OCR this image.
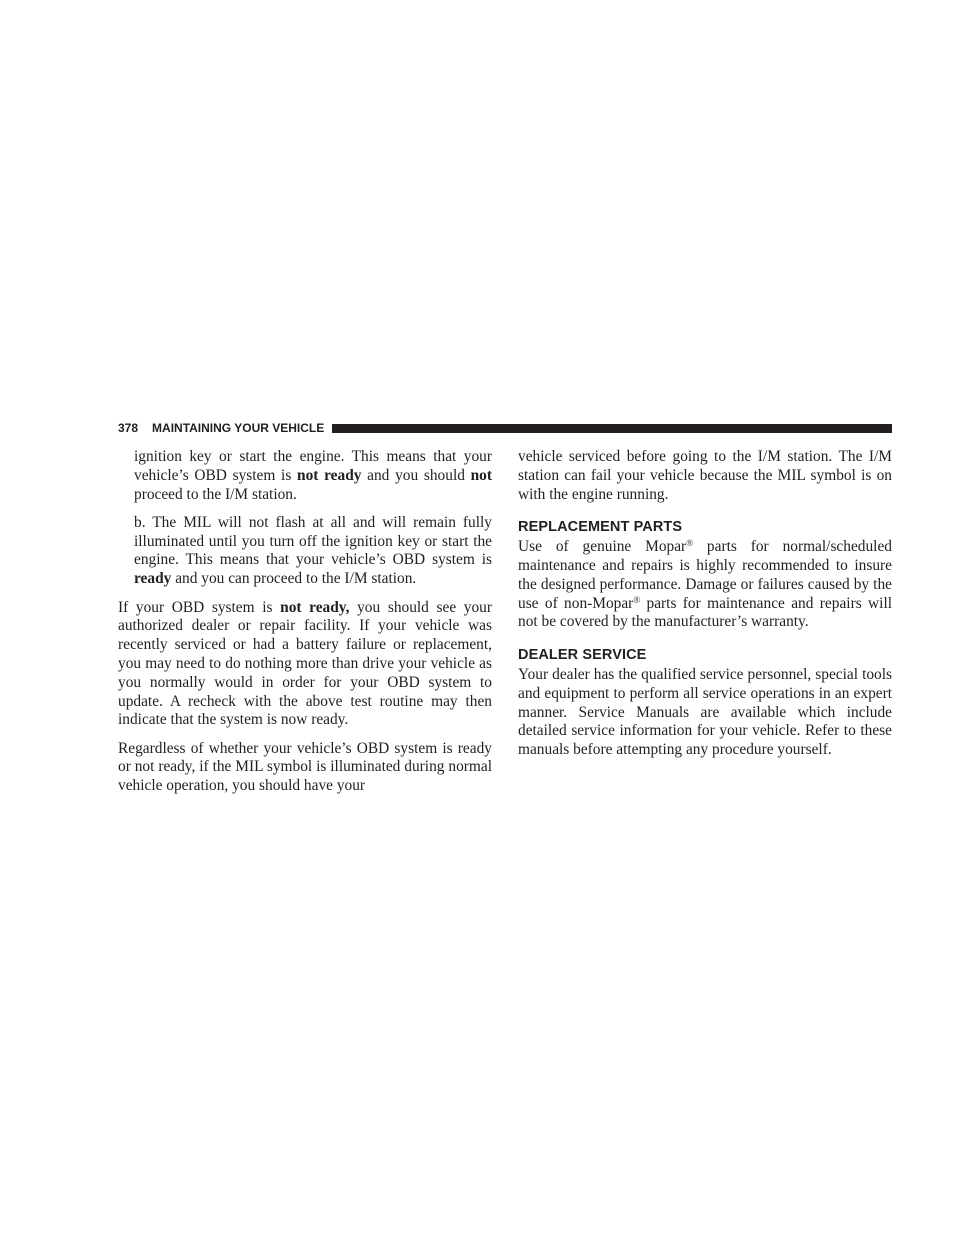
378 MAINTAINING YOUR VEHICLE

ignition key or start the engine. This means that your vehicle’s OBD system is not ready and you should not proceed to the I/M station.

b. The MIL will not flash at all and will remain fully illuminated until you turn off the ignition key or start the engine. This means that your vehicle’s OBD system is ready and you can proceed to the I/M station.

If your OBD system is not ready, you should see your authorized dealer or repair facility. If your vehicle was recently serviced or had a battery failure or replacement, you may need to do nothing more than drive your vehicle as you normally would in order for your OBD system to update. A recheck with the above test routine may then indicate that the system is now ready.

Regardless of whether your vehicle’s OBD system is ready or not ready, if the MIL symbol is illuminated during normal vehicle operation, you should have your

vehicle serviced before going to the I/M station. The I/M station can fail your vehicle because the MIL symbol is on with the engine running.

REPLACEMENT PARTS

Use of genuine Mopar® parts for normal/scheduled maintenance and repairs is highly recommended to insure the designed performance. Damage or failures caused by the use of non-Mopar® parts for maintenance and repairs will not be covered by the manufacturer’s warranty.

DEALER SERVICE

Your dealer has the qualified service personnel, special tools and equipment to perform all service operations in an expert manner. Service Manuals are available which include detailed service information for your vehicle. Refer to these manuals before attempting any procedure yourself.
